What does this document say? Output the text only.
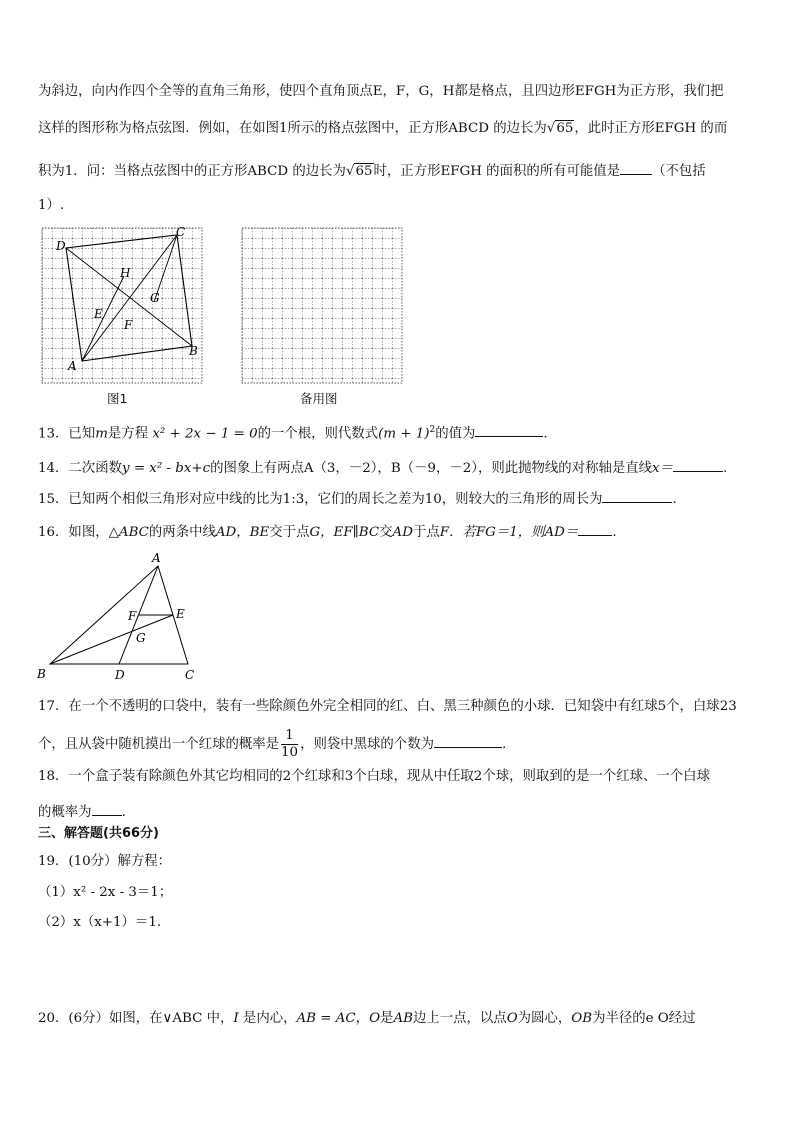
为斜边，向内作四个全等的直角三角形，使四个直角顶点E，F，G，H都是格点，且四边形EFGH为正方形，我们把
这样的图形称为格点弦图．例如，在如图1所示的格点弦图中，正方形ABCD 的边长为√65，此时正方形EFGH 的而
积为1．问：当格点弦图中的正方形ABCD 的边长为√65时，正方形EFGH 的面积的所有可能值是 （不包括
1）.
D
C
B
A
H
G
E
F
图1	备用图
13．已知m是方程 x² + 2x − 1 = 0的一个根，则代数式$(m + 1)^2$的值为	.
14．二次函数y = x² - bx+c的图象上有两点A（3，－2），B（－9，－2），则此抛物线的对称轴是直线x＝	.
15．已知两个相似三角形对应中线的比为1:3，它们的周长之差为10，则较大的三角形的周长为	.
16．如图，△ABC的两条中线AD，BE交于点G，EF∥BC交AD于点F．若FG＝1，则AD＝	.
A
B	C
D
E
F
G
17．在一个不透明的口袋中，装有一些除颜色外完全相同的红、白、黑三种颜色的小球．已知袋中有红球5个，白球23
个，且从袋中随机摸出一个红球的概率是 $\frac{1}{10}$ ，则袋中黑球的个数为	.
18．一个盒子装有除颜色外其它均相同的2个红球和3个白球，现从中任取2个球，则取到的是一个红球、一个白球
的概率为 .
三、解答题(共66分)
19．(10分）解方程：
（1）x² - 2x - 3＝1；
（2）x（x+1）＝1.
20．(6分）如图，在∨ABC 中，I 是内心，AB = AC，O是AB边上一点，以点O为圆心，OB为半径的e O经过
